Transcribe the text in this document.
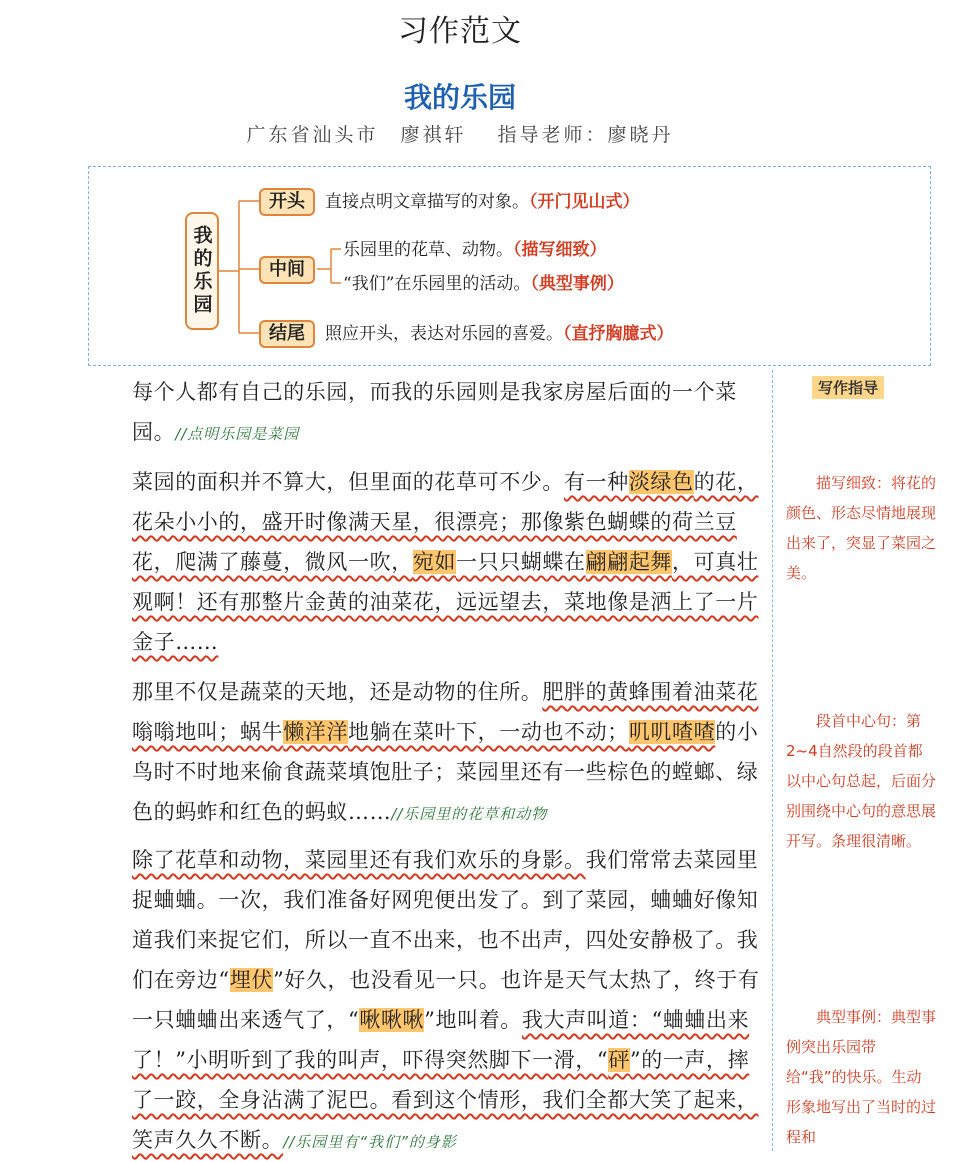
习作范文
我的乐园
广东省汕头市　廖祺轩 指导老师：廖晓丹
我的乐园
开头	直接点明文章描写的对象。（开门见山式）
中间
乐园里的花草、动物。（描写细致）
“我们”在乐园里的活动。（典型事例）
结尾	照应开头，表达对乐园的喜爱。（直抒胸臆式）

每个人都有自己的乐园，而我的乐园则是我家房屋后面的一个菜园。//点明乐园是菜园

菜园的面积并不算大，但里面的花草可不少。有一种淡绿色的花，花朵小小的，盛开时像满天星，很漂亮；那像紫色蝴蝶的荷兰豆花，爬满了藤蔓，微风一吹，宛如一只只蝴蝶在翩翩起舞，可真壮观啊！还有那整片金黄的油菜花，远远望去，菜地像是洒上了一片金子……

那里不仅是蔬菜的天地，还是动物的住所。肥胖的黄蜂围着油菜花嗡嗡地叫；蜗牛懒洋洋地躺在菜叶下，一动也不动；叽叽喳喳的小鸟时不时地来偷食蔬菜填饱肚子；菜园里还有一些棕色的螳螂、绿色的蚂蚱和红色的蚂蚁……//乐园里的花草和动物

除了花草和动物，菜园里还有我们欢乐的身影。我们常常去菜园里捉蛐蛐。一次，我们准备好网兜便出发了。到了菜园，蛐蛐好像知道我们来捉它们，所以一直不出来，也不出声，四处安静极了。我们在旁边“埋伏”好久，也没看见一只。也许是天气太热了，终于有一只蛐蛐出来透气了，“啾啾啾”地叫着。我大声叫道：“蛐蛐出来了！”小明听到了我的叫声，吓得突然脚下一滑，“砰”的一声，摔了一跤，全身沾满了泥巴。看到这个情形，我们全都大笑了起来，笑声久久不断。//乐园里有“我们”的身影

写作指导

描写细致：将花的颜色、形态尽情地展现出来了，突显了菜园之美。

段首中心句：第2~4自然段的段首都以中心句总起，后面分别围绕中心句的意思展开写。条理很清晰。

典型事例：典型事例突出乐园带给“我”的快乐。生动形象地写出了当时的过程和
